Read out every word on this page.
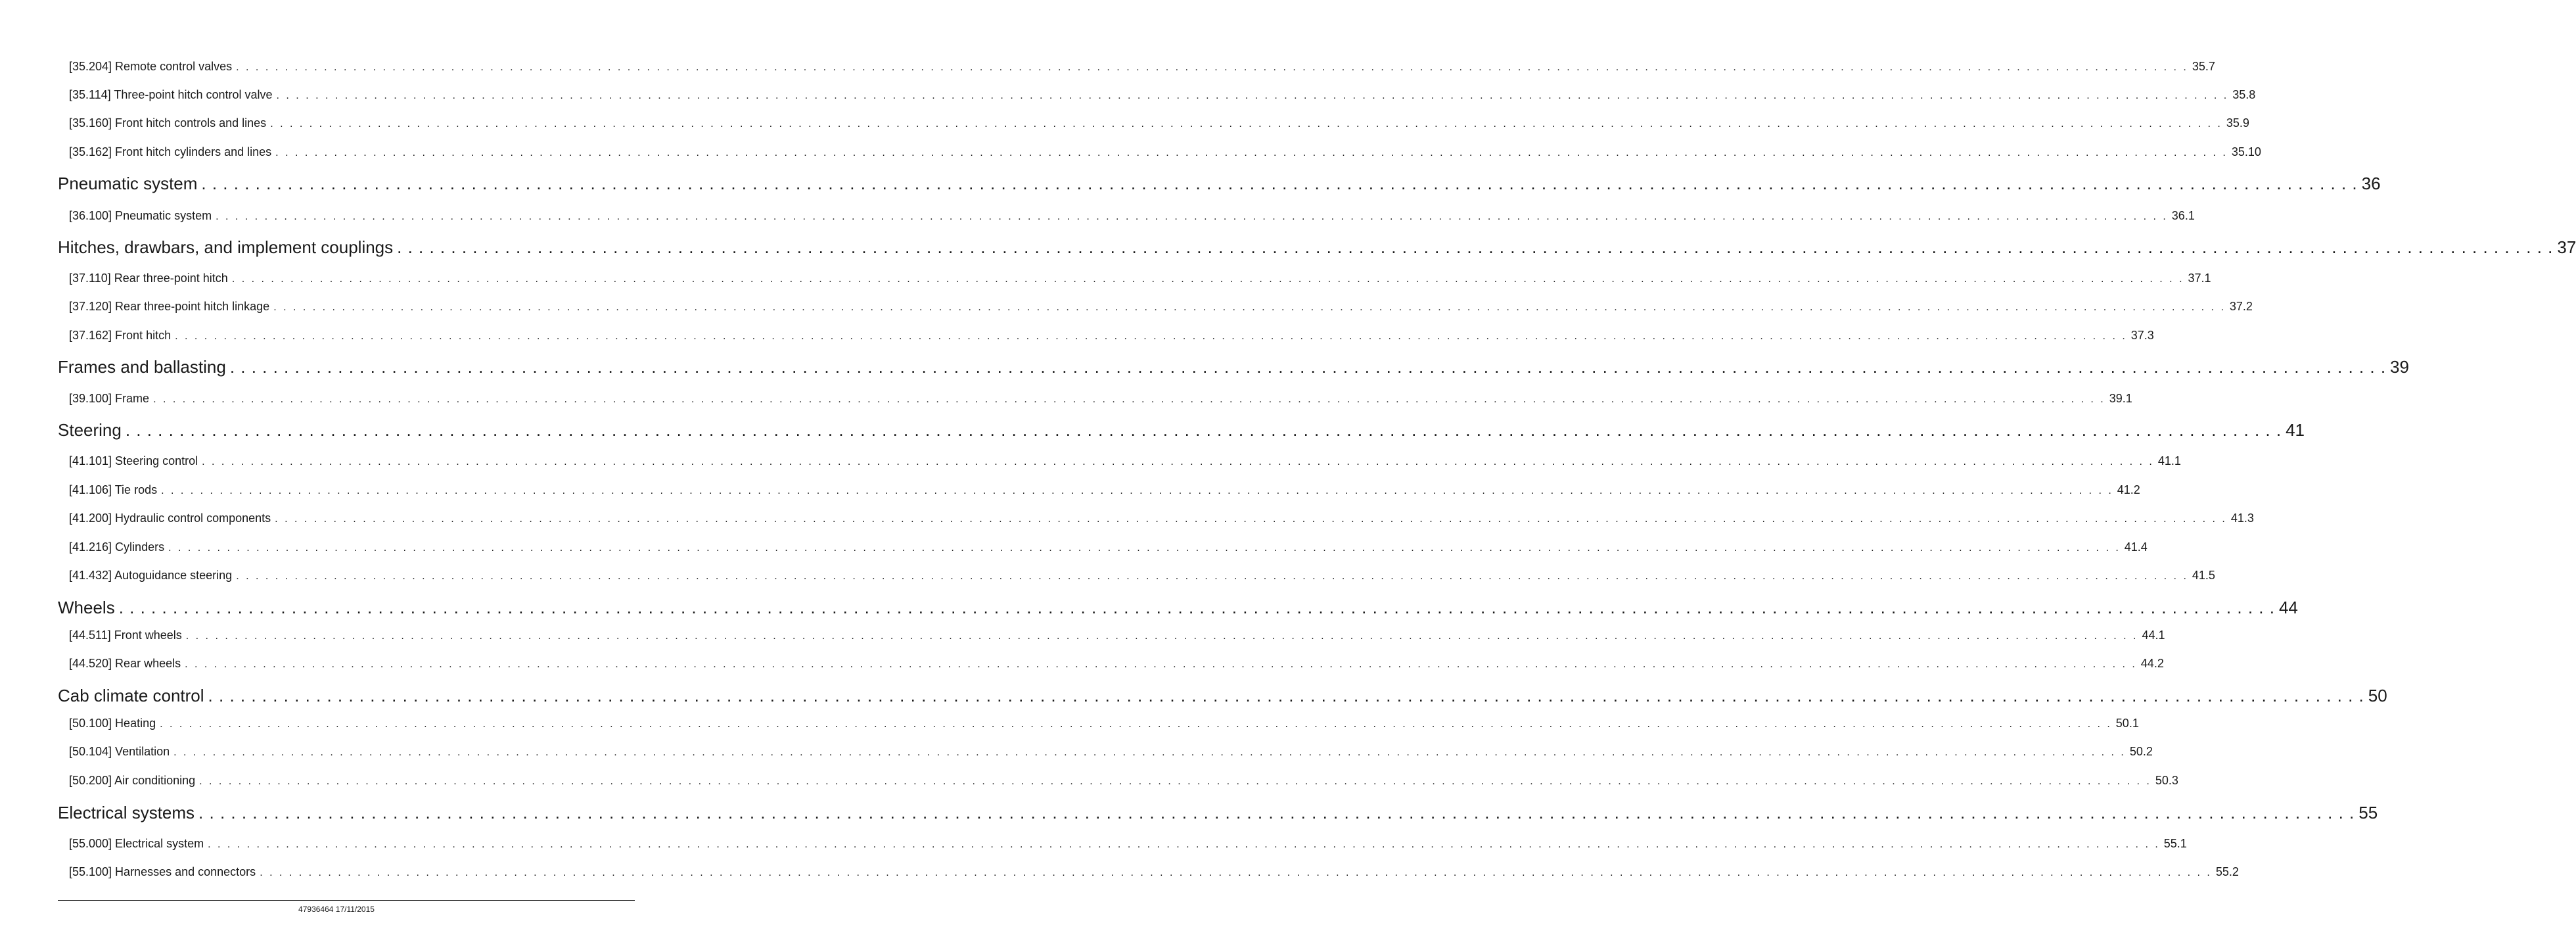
[35.204] Remote control valves . . . . . . . . . . . . . . . . . . . . . . . . . . . . . . . . . . . . . . . . . . . . . . . . . . . . . . . . . . . . . . . . . . . . . . . . . . . . . . . . . . . . . . . . . . . . . . . . . . . . . . . . . . . . . . . . . . . . . . . . . . . . . . . . . . . . . . . . . . . . . . . . . . . . . . . . . . . . . . . . . . . . . . . . . . . . . . . . . . . . . . . . . . . . . . . . . . . . . . . . 35.7
[35.114] Three-point hitch control valve . . . . . . . . . . . . . . . . . . . . . . . . . . . . . . . . . . . . . . . . . . . . . . . . . . . . . . . . . . . . . . . . . . . . . . . . . . . . . . . . . . . . . . . . . . . . . . . . . . . . . . . . . . . . . . . . . . . . . . . . . . . . . . . . . . . . . . . . . . . . . . . . . . . . . . . . . . . . . . . . . . . . . . . . . . . . . . . . . . . . . . . . . . . . . . . . . . . . . . . . 35.8
[35.160] Front hitch controls and lines . . . . . . . . . . . . . . . . . . . . . . . . . . . . . . . . . . . . . . . . . . . . . . . . . . . . . . . . . . . . . . . . . . . . . . . . . . . . . . . . . . . . . . . . . . . . . . . . . . . . . . . . . . . . . . . . . . . . . . . . . . . . . . . . . . . . . . . . . . . . . . . . . . . . . . . . . . . . . . . . . . . . . . . . . . . . . . . . . . . . . . . . . . . . . . . . . . . . . . . . 35.9
[35.162] Front hitch cylinders and lines . . . . . . . . . . . . . . . . . . . . . . . . . . . . . . . . . . . . . . . . . . . . . . . . . . . . . . . . . . . . . . . . . . . . . . . . . . . . . . . . . . . . . . . . . . . . . . . . . . . . . . . . . . . . . . . . . . . . . . . . . . . . . . . . . . . . . . . . . . . . . . . . . . . . . . . . . . . . . . . . . . . . . . . . . . . . . . . . . . . . . . . . . . . . . . . . . . . . . . . . 35.10
Pneumatic system . . . . . . . . . . . . . . . . . . . . . . . . . . . . . . . . . . . . . . . . . . . . . . . . . . . . . . . . . . . . . . . . . . . . . . . . . . . . . . . . . . . . . . . . . . . . . . . . . . . . . . . . . . . . . . . . . . . . . . . . . . . . . . . . . . . . . . . . . . . . . . . . . . . . . . . . . . . . . . . . . . . . . . . . . . . . . . . . . . . . . . . . . . . . . . . . . . . . . . . . 36
[36.100] Pneumatic system . . . . . . . . . . . . . . . . . . . . . . . . . . . . . . . . . . . . . . . . . . . . . . . . . . . . . . . . . . . . . . . . . . . . . . . . . . . . . . . . . . . . . . . . . . . . . . . . . . . . . . . . . . . . . . . . . . . . . . . . . . . . . . . . . . . . . . . . . . . . . . . . . . . . . . . . . . . . . . . . . . . . . . . . . . . . . . . . . . . . . . . . . . . . . . . . . . . . . . . . 36.1
Hitches, drawbars, and implement couplings . . . . . . . . . . . . . . . . . . . . . . . . . . . . . . . . . . . . . . . . . . . . . . . . . . . . . . . . . . . . . . . . . . . . . . . . . . . . . . . . . . . . . . . . . . . . . . . . . . . . . . . . . . . . . . . . . . . . . . . . . . . . . . . . . . . . . . . . . . . . . . . . . . . . . . . . . . . . . . . . . . . . . . . . . . . . . . . . . . . . . . . . . . . . . . . . . . . . . . . . 37
[37.110] Rear three-point hitch . . . . . . . . . . . . . . . . . . . . . . . . . . . . . . . . . . . . . . . . . . . . . . . . . . . . . . . . . . . . . . . . . . . . . . . . . . . . . . . . . . . . . . . . . . . . . . . . . . . . . . . . . . . . . . . . . . . . . . . . . . . . . . . . . . . . . . . . . . . . . . . . . . . . . . . . . . . . . . . . . . . . . . . . . . . . . . . . . . . . . . . . . . . . . . . . . . . . . . . . 37.1
[37.120] Rear three-point hitch linkage . . . . . . . . . . . . . . . . . . . . . . . . . . . . . . . . . . . . . . . . . . . . . . . . . . . . . . . . . . . . . . . . . . . . . . . . . . . . . . . . . . . . . . . . . . . . . . . . . . . . . . . . . . . . . . . . . . . . . . . . . . . . . . . . . . . . . . . . . . . . . . . . . . . . . . . . . . . . . . . . . . . . . . . . . . . . . . . . . . . . . . . . . . . . . . . . . . . . . . . . 37.2
[37.162] Front hitch . . . . . . . . . . . . . . . . . . . . . . . . . . . . . . . . . . . . . . . . . . . . . . . . . . . . . . . . . . . . . . . . . . . . . . . . . . . . . . . . . . . . . . . . . . . . . . . . . . . . . . . . . . . . . . . . . . . . . . . . . . . . . . . . . . . . . . . . . . . . . . . . . . . . . . . . . . . . . . . . . . . . . . . . . . . . . . . . . . . . . . . . . . . . . . . . . . . . . . . . 37.3
Frames and ballasting . . . . . . . . . . . . . . . . . . . . . . . . . . . . . . . . . . . . . . . . . . . . . . . . . . . . . . . . . . . . . . . . . . . . . . . . . . . . . . . . . . . . . . . . . . . . . . . . . . . . . . . . . . . . . . . . . . . . . . . . . . . . . . . . . . . . . . . . . . . . . . . . . . . . . . . . . . . . . . . . . . . . . . . . . . . . . . . . . . . . . . . . . . . . . . . . . . . . . . . . 39
[39.100] Frame . . . . . . . . . . . . . . . . . . . . . . . . . . . . . . . . . . . . . . . . . . . . . . . . . . . . . . . . . . . . . . . . . . . . . . . . . . . . . . . . . . . . . . . . . . . . . . . . . . . . . . . . . . . . . . . . . . . . . . . . . . . . . . . . . . . . . . . . . . . . . . . . . . . . . . . . . . . . . . . . . . . . . . . . . . . . . . . . . . . . . . . . . . . . . . . . . . . . . . . . 39.1
Steering . . . . . . . . . . . . . . . . . . . . . . . . . . . . . . . . . . . . . . . . . . . . . . . . . . . . . . . . . . . . . . . . . . . . . . . . . . . . . . . . . . . . . . . . . . . . . . . . . . . . . . . . . . . . . . . . . . . . . . . . . . . . . . . . . . . . . . . . . . . . . . . . . . . . . . . . . . . . . . . . . . . . . . . . . . . . . . . . . . . . . . . . . . . . . . . . . . . . . . . . 41
[41.101] Steering control . . . . . . . . . . . . . . . . . . . . . . . . . . . . . . . . . . . . . . . . . . . . . . . . . . . . . . . . . . . . . . . . . . . . . . . . . . . . . . . . . . . . . . . . . . . . . . . . . . . . . . . . . . . . . . . . . . . . . . . . . . . . . . . . . . . . . . . . . . . . . . . . . . . . . . . . . . . . . . . . . . . . . . . . . . . . . . . . . . . . . . . . . . . . . . . . . . . . . . . . 41.1
[41.106] Tie rods . . . . . . . . . . . . . . . . . . . . . . . . . . . . . . . . . . . . . . . . . . . . . . . . . . . . . . . . . . . . . . . . . . . . . . . . . . . . . . . . . . . . . . . . . . . . . . . . . . . . . . . . . . . . . . . . . . . . . . . . . . . . . . . . . . . . . . . . . . . . . . . . . . . . . . . . . . . . . . . . . . . . . . . . . . . . . . . . . . . . . . . . . . . . . . . . . . . . . . . . 41.2
[41.200] Hydraulic control components . . . . . . . . . . . . . . . . . . . . . . . . . . . . . . . . . . . . . . . . . . . . . . . . . . . . . . . . . . . . . . . . . . . . . . . . . . . . . . . . . . . . . . . . . . . . . . . . . . . . . . . . . . . . . . . . . . . . . . . . . . . . . . . . . . . . . . . . . . . . . . . . . . . . . . . . . . . . . . . . . . . . . . . . . . . . . . . . . . . . . . . . . . . . . . . . . . . . . . . . 41.3
[41.216] Cylinders . . . . . . . . . . . . . . . . . . . . . . . . . . . . . . . . . . . . . . . . . . . . . . . . . . . . . . . . . . . . . . . . . . . . . . . . . . . . . . . . . . . . . . . . . . . . . . . . . . . . . . . . . . . . . . . . . . . . . . . . . . . . . . . . . . . . . . . . . . . . . . . . . . . . . . . . . . . . . . . . . . . . . . . . . . . . . . . . . . . . . . . . . . . . . . . . . . . . . . . . 41.4
[41.432] Autoguidance steering . . . . . . . . . . . . . . . . . . . . . . . . . . . . . . . . . . . . . . . . . . . . . . . . . . . . . . . . . . . . . . . . . . . . . . . . . . . . . . . . . . . . . . . . . . . . . . . . . . . . . . . . . . . . . . . . . . . . . . . . . . . . . . . . . . . . . . . . . . . . . . . . . . . . . . . . . . . . . . . . . . . . . . . . . . . . . . . . . . . . . . . . . . . . . . . . . . . . . . . . 41.5
Wheels . . . . . . . . . . . . . . . . . . . . . . . . . . . . . . . . . . . . . . . . . . . . . . . . . . . . . . . . . . . . . . . . . . . . . . . . . . . . . . . . . . . . . . . . . . . . . . . . . . . . . . . . . . . . . . . . . . . . . . . . . . . . . . . . . . . . . . . . . . . . . . . . . . . . . . . . . . . . . . . . . . . . . . . . . . . . . . . . . . . . . . . . . . . . . . . . . . . . . . . . 44
[44.511] Front wheels . . . . . . . . . . . . . . . . . . . . . . . . . . . . . . . . . . . . . . . . . . . . . . . . . . . . . . . . . . . . . . . . . . . . . . . . . . . . . . . . . . . . . . . . . . . . . . . . . . . . . . . . . . . . . . . . . . . . . . . . . . . . . . . . . . . . . . . . . . . . . . . . . . . . . . . . . . . . . . . . . . . . . . . . . . . . . . . . . . . . . . . . . . . . . . . . . . . . . . . . 44.1
[44.520] Rear wheels . . . . . . . . . . . . . . . . . . . . . . . . . . . . . . . . . . . . . . . . . . . . . . . . . . . . . . . . . . . . . . . . . . . . . . . . . . . . . . . . . . . . . . . . . . . . . . . . . . . . . . . . . . . . . . . . . . . . . . . . . . . . . . . . . . . . . . . . . . . . . . . . . . . . . . . . . . . . . . . . . . . . . . . . . . . . . . . . . . . . . . . . . . . . . . . . . . . . . . . . 44.2
Cab climate control . . . . . . . . . . . . . . . . . . . . . . . . . . . . . . . . . . . . . . . . . . . . . . . . . . . . . . . . . . . . . . . . . . . . . . . . . . . . . . . . . . . . . . . . . . . . . . . . . . . . . . . . . . . . . . . . . . . . . . . . . . . . . . . . . . . . . . . . . . . . . . . . . . . . . . . . . . . . . . . . . . . . . . . . . . . . . . . . . . . . . . . . . . . . . . . . . . . . . . . . 50
[50.100] Heating . . . . . . . . . . . . . . . . . . . . . . . . . . . . . . . . . . . . . . . . . . . . . . . . . . . . . . . . . . . . . . . . . . . . . . . . . . . . . . . . . . . . . . . . . . . . . . . . . . . . . . . . . . . . . . . . . . . . . . . . . . . . . . . . . . . . . . . . . . . . . . . . . . . . . . . . . . . . . . . . . . . . . . . . . . . . . . . . . . . . . . . . . . . . . . . . . . . . . . . . 50.1
[50.104] Ventilation . . . . . . . . . . . . . . . . . . . . . . . . . . . . . . . . . . . . . . . . . . . . . . . . . . . . . . . . . . . . . . . . . . . . . . . . . . . . . . . . . . . . . . . . . . . . . . . . . . . . . . . . . . . . . . . . . . . . . . . . . . . . . . . . . . . . . . . . . . . . . . . . . . . . . . . . . . . . . . . . . . . . . . . . . . . . . . . . . . . . . . . . . . . . . . . . . . . . . . . . 50.2
[50.200] Air conditioning . . . . . . . . . . . . . . . . . . . . . . . . . . . . . . . . . . . . . . . . . . . . . . . . . . . . . . . . . . . . . . . . . . . . . . . . . . . . . . . . . . . . . . . . . . . . . . . . . . . . . . . . . . . . . . . . . . . . . . . . . . . . . . . . . . . . . . . . . . . . . . . . . . . . . . . . . . . . . . . . . . . . . . . . . . . . . . . . . . . . . . . . . . . . . . . . . . . . . . . . 50.3
Electrical systems . . . . . . . . . . . . . . . . . . . . . . . . . . . . . . . . . . . . . . . . . . . . . . . . . . . . . . . . . . . . . . . . . . . . . . . . . . . . . . . . . . . . . . . . . . . . . . . . . . . . . . . . . . . . . . . . . . . . . . . . . . . . . . . . . . . . . . . . . . . . . . . . . . . . . . . . . . . . . . . . . . . . . . . . . . . . . . . . . . . . . . . . . . . . . . . . . . . . . . . . 55
[55.000] Electrical system . . . . . . . . . . . . . . . . . . . . . . . . . . . . . . . . . . . . . . . . . . . . . . . . . . . . . . . . . . . . . . . . . . . . . . . . . . . . . . . . . . . . . . . . . . . . . . . . . . . . . . . . . . . . . . . . . . . . . . . . . . . . . . . . . . . . . . . . . . . . . . . . . . . . . . . . . . . . . . . . . . . . . . . . . . . . . . . . . . . . . . . . . . . . . . . . . . . . . . . . 55.1
[55.100] Harnesses and connectors . . . . . . . . . . . . . . . . . . . . . . . . . . . . . . . . . . . . . . . . . . . . . . . . . . . . . . . . . . . . . . . . . . . . . . . . . . . . . . . . . . . . . . . . . . . . . . . . . . . . . . . . . . . . . . . . . . . . . . . . . . . . . . . . . . . . . . . . . . . . . . . . . . . . . . . . . . . . . . . . . . . . . . . . . . . . . . . . . . . . . . . . . . . . . . . . . . . . . . . . 55.2
47936464 17/11/2015
